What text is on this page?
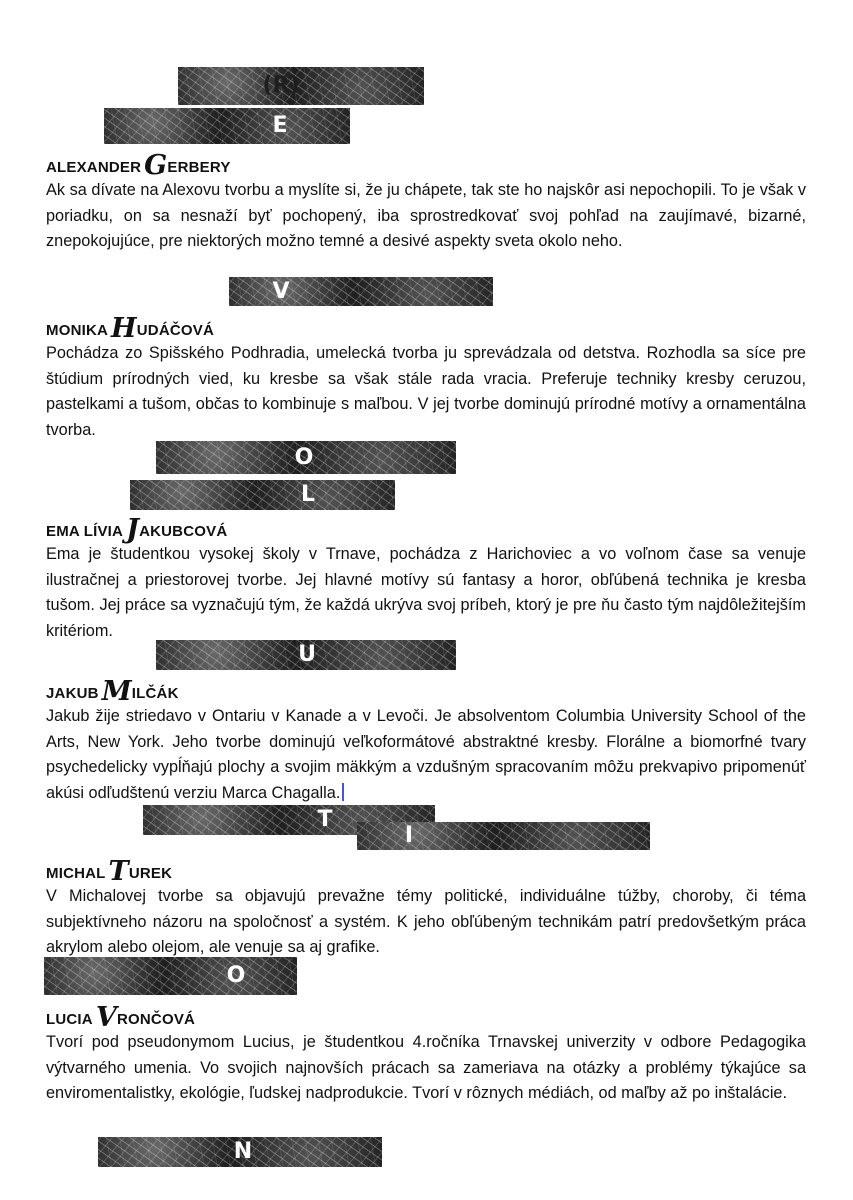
(R)
E
ALEXANDER GERBERY

Ak sa dívate na Alexovu tvorbu a myslíte si, že ju chápete, tak ste ho najskôr asi nepochopili. To je však v poriadku, on sa nesnaží byť pochopený, iba sprostredkovať svoj pohľad na zaujímavé, bizarné, znepokojujúce, pre niektorých možno temné a desivé aspekty sveta okolo neho.

V
MONIKA HUDÁČOVÁ

Pochádza zo Spišského Podhradia, umelecká tvorba ju sprevádzala od detstva. Rozhodla sa síce pre štúdium prírodných vied, ku kresbe sa však stále rada vracia. Preferuje techniky kresby ceruzou, pastelkami a tušom, občas to kombinuje s maľbou. V jej tvorbe dominujú prírodné motívy a ornamentálna tvorba.

O
L
EMA LÍVIA JAKUBCOVÁ

Ema je študentkou vysokej školy v Trnave, pochádza z Harichoviec a vo voľnom čase sa venuje ilustračnej a priestorovej tvorbe. Jej hlavné motívy sú fantasy a horor, obľúbená technika je kresba tušom. Jej práce sa vyznačujú tým, že každá ukrýva svoj príbeh, ktorý je pre ňu často tým najdôležitejším kritériom.

U
JAKUB MILČÁK

Jakub žije striedavo v Ontariu v Kanade a v Levoči. Je absolventom Columbia University School of the Arts, New York. Jeho tvorbe dominujú veľkoformátové abstraktné kresby. Florálne a biomorfné tvary psychedelicky vypĺňajú plochy a svojim mäkkým a vzdušným spracovaním môžu prekvapivo pripomenúť akúsi odľudštenú verziu Marca Chagalla.

T
I
MICHAL TUREK

V Michalovej tvorbe sa objavujú prevažne témy politické, individuálne túžby, choroby, či téma subjektívneho názoru na spoločnosť a systém. K jeho obľúbeným technikám patrí predovšetkým práca akrylom alebo olejom, ale venuje sa aj grafike.

O
LUCIA VRONČOVÁ

Tvorí pod pseudonymom Lucius, je študentkou 4.ročníka Trnavskej univerzity v odbore Pedagogika výtvarného umenia. Vo svojich najnovších prácach sa zameriava na otázky a problémy týkajúce sa enviromentalistky, ekológie, ľudskej nadprodukcie. Tvorí v rôznych médiách, od maľby až po inštalácie.

N
